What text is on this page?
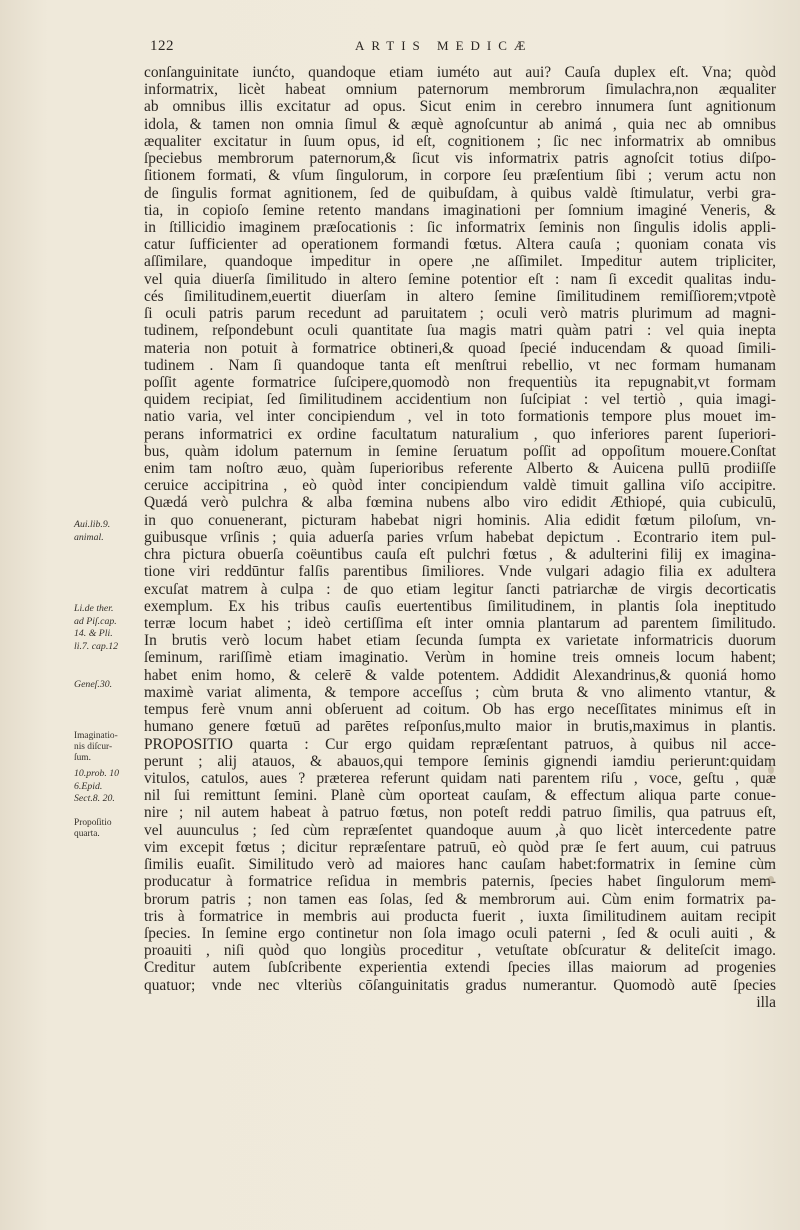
122	ARTIS MEDICÆ
conſanguinitate iunćto, quandoque etiam iuméto aut aui? Cauſa duplex eſt. Vna; quòd
informatrix, licèt habeat omnium paternorum membrorum ſimulachra,non æqualiter
ab omnibus illis excitatur ad opus. Sicut enim in cerebro innumera ſunt agnitionum
idola, & tamen non omnia ſimul & æquè agnoſcuntur ab animá , quia nec ab omnibus
æqualiter excitatur in ſuum opus, id eſt, cognitionem ; ſic nec informatrix ab omnibus
ſpeciebus membrorum paternorum,& ſicut vis informatrix patris agnoſcit totius diſpo-
ſitionem formati, & vſum ſingulorum, in corpore ſeu præſentium ſibi ; verum actu non
de ſingulis format agnitionem, ſed de quibuſdam, à quibus valdè ſtimulatur, verbi gra-
tia, in copioſo ſemine retento mandans imaginationi per ſomnium imaginé Veneris, &
in ſtillicidio imaginem præſocationis : ſic informatrix ſeminis non ſingulis idolis appli-
catur ſufficienter ad operationem formandi fœtus. Altera cauſa ; quoniam conata vis
aſſimilare, quandoque impeditur in opere ,ne aſſimilet. Impeditur autem tripliciter,
vel quia diuerſa ſimilitudo in altero ſemine potentior eſt : nam ſi excedit qualitas indu-
cés ſimilitudinem,euertit diuerſam in altero ſemine ſimilitudinem remiſſiorem;vtpotè
ſi oculi patris parum recedunt ad paruitatem ; oculi verò matris plurimum ad magni-
tudinem, reſpondebunt oculi quantitate ſua magis matri quàm patri : vel quia inepta
materia non potuit à formatrice obtineri,& quoad ſpecié inducendam & quoad ſimili-
tudinem . Nam ſi quandoque tanta eſt menſtrui rebellio, vt nec formam humanam
poſſit agente formatrice ſuſcipere,quomodò non frequentiùs ita repugnabit,vt formam
quidem recipiat, ſed ſimilitudinem accidentium non ſuſcipiat : vel tertiò , quia imagi-
natio varia, vel inter concipiendum , vel in toto formationis tempore plus mouet im-
perans informatrici ex ordine facultatum naturalium , quo inferiores parent ſuperiori-
bus, quàm idolum paternum in ſemine ſeruatum poſſit ad oppoſitum mouere.Conſtat
enim tam noſtro æuo, quàm ſuperioribus referente Alberto & Auicena pullū prodiiſſe
ceruice accipitrina , eò quòd inter concipiendum valdè timuit gallina viſo accipitre.
Quædá verò pulchra & alba fœmina nubens albo viro edidit Æthiopé, quia cubiculū,
in quo conuenerant, picturam habebat nigri hominis. Alia edidit fœtum piloſum, vn-
guibusque vrſinis ; quia aduerſa paries vrſum habebat depictum . Econtrario item pul-
chra pictura obuerſa coëuntibus cauſa eſt pulchri fœtus , & adulterini filij ex imagina-
tione viri reddūntur falſis parentibus ſimiliores. Vnde vulgari adagio filia ex adultera
excuſat matrem à culpa : de quo etiam legitur ſancti patriarchæ de virgis decorticatis
exemplum. Ex his tribus cauſis euertentibus ſimilitudinem, in plantis ſola ineptitudo
terræ locum habet ; ideò certiſſima eſt inter omnia plantarum ad parentem ſimilitudo.
In brutis verò locum habet etiam ſecunda ſumpta ex varietate informatricis duorum
ſeminum, rariſſimè etiam imaginatio. Verùm in homine treis omneis locum habent;
habet enim homo, & celerē & valde potentem. Addidit Alexandrinus,& quoniá homo
maximè variat alimenta, & tempore acceſſus ; cùm bruta & vno alimento vtantur, &
tempus ferè vnum anni obſeruent ad coitum. Ob has ergo neceſſitates minimus eſt in
humano genere fœtuū ad parētes reſponſus,multo maior in brutis,maximus in plantis.
PROPOSITIO quarta : Cur ergo quidam repræſentant patruos, à quibus nil acce-
perunt ; alij atauos, & abauos,qui tempore ſeminis gignendi iamdiu perierunt:quidam
vitulos, catulos, aues ? præterea referunt quidam nati parentem riſu , voce, geſtu , quæ
nil ſui remittunt ſemini. Planè cùm oporteat cauſam, & effectum aliqua parte conue-
nire ; nil autem habeat à patruo fœtus, non poteſt reddi patruo ſimilis, qua patruus eſt,
vel auunculus ; ſed cùm repræſentet quandoque auum ,à quo licèt intercedente patre
vim excepit fœtus ; dicitur repræſentare patruū, eò quòd præ ſe fert auum, cui patruus
ſimilis euaſit. Similitudo verò ad maiores hanc cauſam habet:formatrix in ſemine cùm
producatur à formatrice reſidua in membris paternis, ſpecies habet ſingulorum mem-
brorum patris ; non tamen eas ſolas, ſed & membrorum aui. Cùm enim formatrix pa-
tris à formatrice in membris aui producta fuerit , iuxta ſimilitudinem auitam recipit
ſpecies. In ſemine ergo continetur non ſola imago oculi paterni , ſed & oculi auiti , &
proauiti , niſi quòd quo longiùs proceditur , vetuſtate obſcuratur & deliteſcit imago.
Creditur autem ſubſcribente experientia extendi ſpecies illas maiorum ad progenies
quatuor; vnde nec vlteriùs cōſanguinitatis gradus numerantur. Quomodò autē ſpecies
illa
Aui.lib.9.
animal.
Li.de ther.
ad Piſ.cap.
14. & Pli.
li.7. cap.12
Geneſ.30.
Imaginatio-
nis diſcur-
ſum.
10.prob. 10
6.Epid.
Sect.8. 20.
Propoſitio
quarta.
